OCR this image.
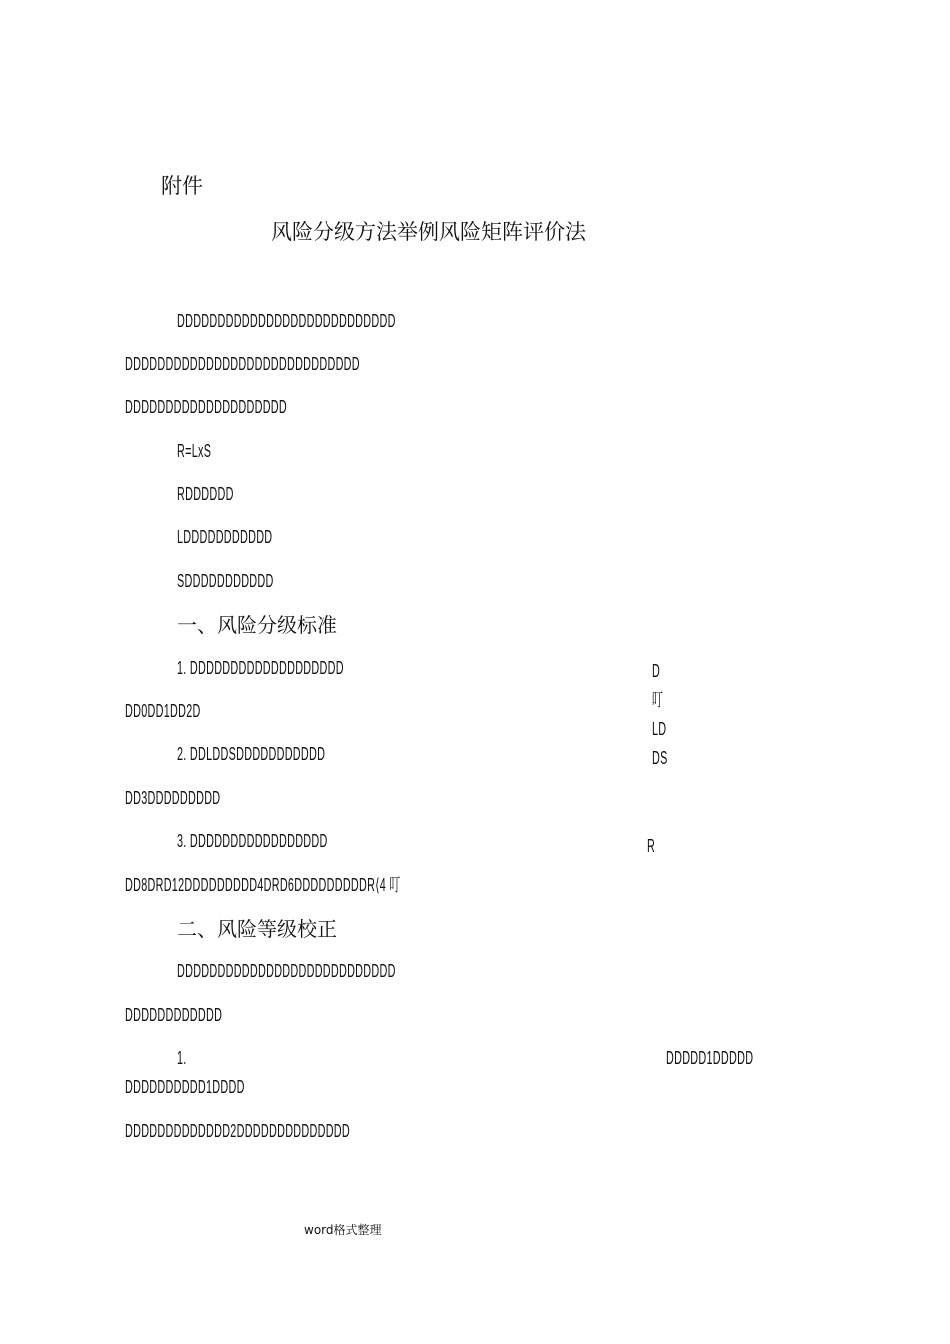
附件
风险分级方法举例风险矩阵评价法
DDDDDDDDDDDDDDDDDDDDDDDDDDD
DDDDDDDDDDDDDDDDDDDDDDDDDDDDD
DDDDDDDDDDDDDDDDDDDD
R=LxS
RDDDDDD
LDDDDDDDDDDD
SDDDDDDDDDDD
一、风险分级标准
1. DDDDDDDDDDDDDDDDDDD
DD0DD1DD2D
2. DDLDDSDDDDDDDDDDD
DD3DDDDDDDDD
3. DDDDDDDDDDDDDDDDD
DD8DRD12DDDDDDDDD4DRD6DDDDDDDDDR⟨4 叮
D
叮
LD
DS
R
二、风险等级校正
DDDDDDDDDDDDDDDDDDDDDDDDDDD
DDDDDDDDDDDD
1.	DDDDD1DDDDD
DDDDDDDDDD1DDDD
DDDDDDDDDDDDD2DDDDDDDDDDDDDD
word格式整理
